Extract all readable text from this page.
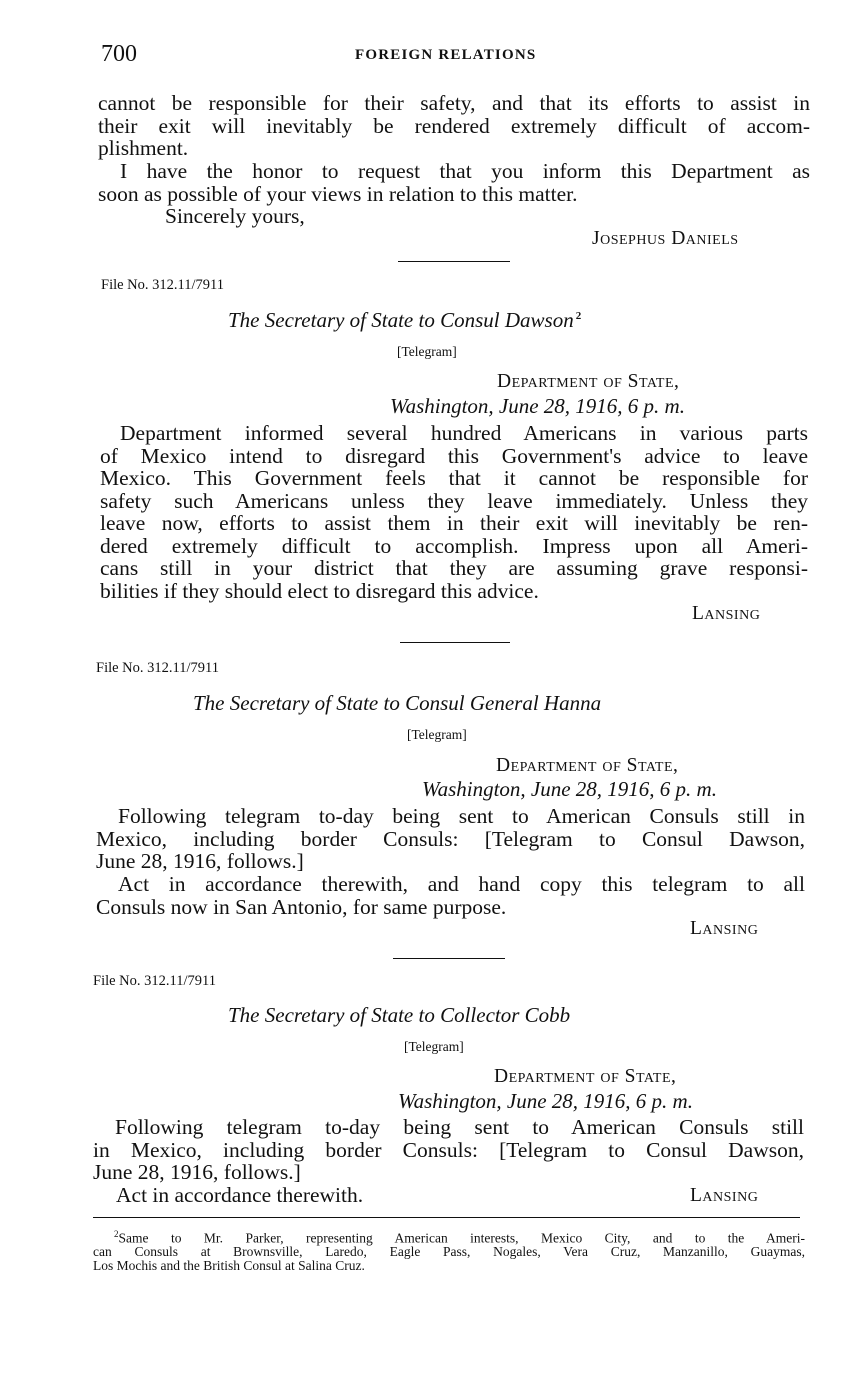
700	FOREIGN RELATIONS
cannot be responsible for their safety, and that its efforts to assist in
their exit will inevitably be rendered extremely difficult of accom-
plishment.
I have the honor to request that you inform this Department as
soon as possible of your views in relation to this matter.
Sincerely yours,
Josephus Daniels
File No. 312.11/7911
The Secretary of State to Consul Dawson $^2$
[Telegram]
Department of State,
Washington, June 28, 1916, 6 p. m.
Department informed several hundred Americans in various parts
of Mexico intend to disregard this Government's advice to leave
Mexico. This Government feels that it cannot be responsible for
safety such Americans unless they leave immediately. Unless they
leave now, efforts to assist them in their exit will inevitably be ren-
dered extremely difficult to accomplish. Impress upon all Ameri-
cans still in your district that they are assuming grave responsi-
bilities if they should elect to disregard this advice.
Lansing
File No. 312.11/7911
The Secretary of State to Consul General Hanna
[Telegram]
Department of State,
Washington, June 28, 1916, 6 p. m.
Following telegram to-day being sent to American Consuls still in
Mexico, including border Consuls: [Telegram to Consul Dawson,
June 28, 1916, follows.]
Act in accordance therewith, and hand copy this telegram to all
Consuls now in San Antonio, for same purpose.
Lansing
File No. 312.11/7911
The Secretary of State to Collector Cobb
[Telegram]
Department of State,
Washington, June 28, 1916, 6 p. m.
Following telegram to-day being sent to American Consuls still
in Mexico, including border Consuls: [Telegram to Consul Dawson,
June 28, 1916, follows.]
Act in accordance therewith.	Lansing
$^2$Same to Mr. Parker, representing American interests, Mexico City, and to the Ameri-
can Consuls at Brownsville, Laredo, Eagle Pass, Nogales, Vera Cruz, Manzanillo, Guaymas,
Los Mochis and the British Consul at Salina Cruz.
